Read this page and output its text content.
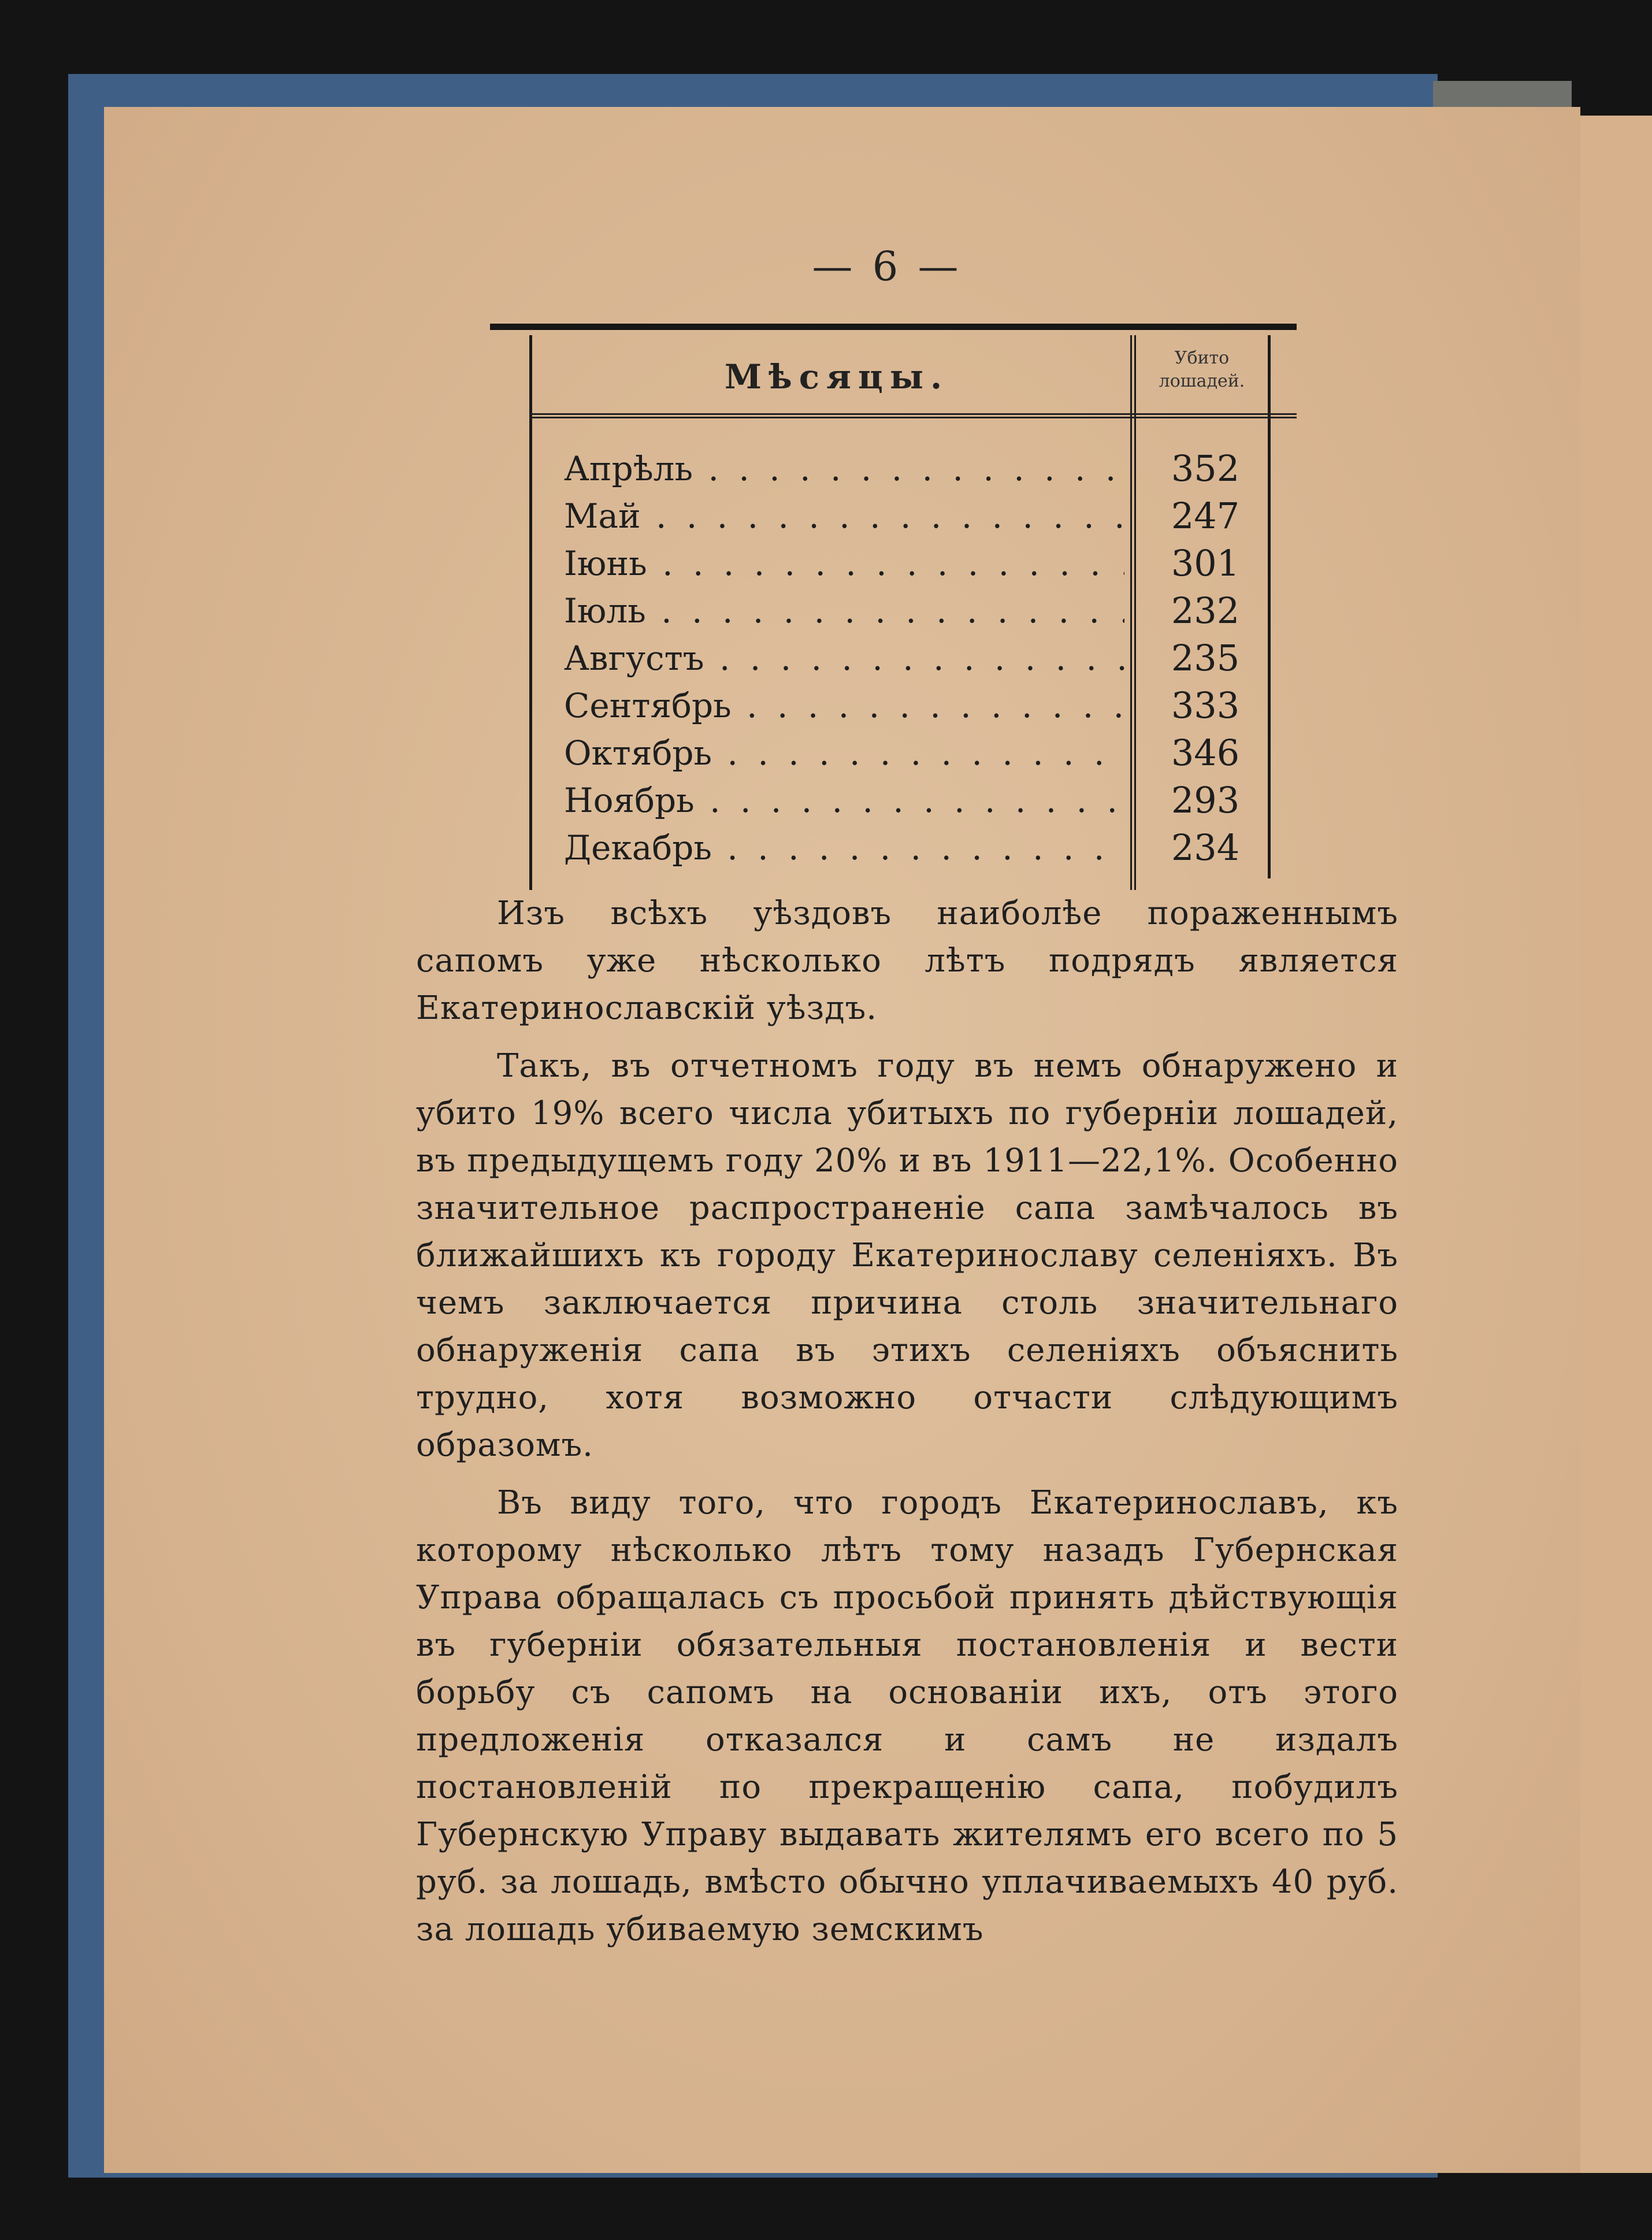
— 6 —
Мѣсяцы.	Убито
лошадей.
Апрѣль . . .	352
Май . . .	247
Іюнь . . .	301
Іюль . . .	232
Августъ . . .	235
Сентябрь . . .	333
Октябрь . . .	346
Ноябрь . . .	293
Декабрь . . .	234

Изъ всѣхъ уѣздовъ наиболѣе пораженнымъ сапомъ уже нѣсколько лѣтъ подрядъ является Екатеринославскій уѣздъ.

Такъ, въ отчетномъ году въ немъ обнаружено и убито 19% всего числа убитыхъ по губерніи лошадей, въ предыдущемъ году 20% и въ 1911—22,1%. Особенно значительное распространеніе сапа замѣчалось въ ближайшихъ къ городу Екатеринославу селеніяхъ. Въ чемъ заключается причина столь значительнаго обнаруженія сапа въ этихъ селеніяхъ объяснить трудно, хотя возможно отчасти слѣдующимъ образомъ.

Въ виду того, что городъ Екатеринославъ, къ которому нѣсколько лѣтъ тому назадъ Губернская Управа обращалась съ просьбой принять дѣйствующія въ губерніи обязательныя постановленія и вести борьбу съ сапомъ на основаніи ихъ, отъ этого предложенія отказался и самъ не издалъ постановленій по прекращенію сапа, побудилъ Губернскую Управу выдавать жителямъ его всего по 5 руб. за лошадь, вмѣсто обычно уплачиваемыхъ 40 руб. за лошадь убиваемую земскимъ
